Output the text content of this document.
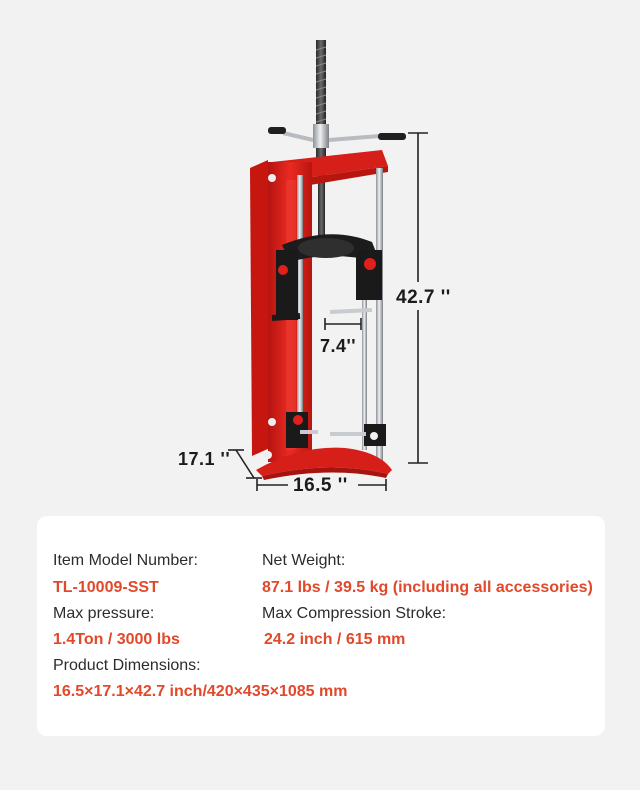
42.7 ''
16.5 ''
17.1 ''
7.4''
Item Model Number:
TL-10009-SST
Net Weight:
87.1 lbs / 39.5 kg (including all accessories)
Max pressure:
1.4Ton / 3000 lbs
Max Compression Stroke:
24.2 inch / 615 mm
Product Dimensions:
16.5×17.1×42.7 inch/420×435×1085 mm
